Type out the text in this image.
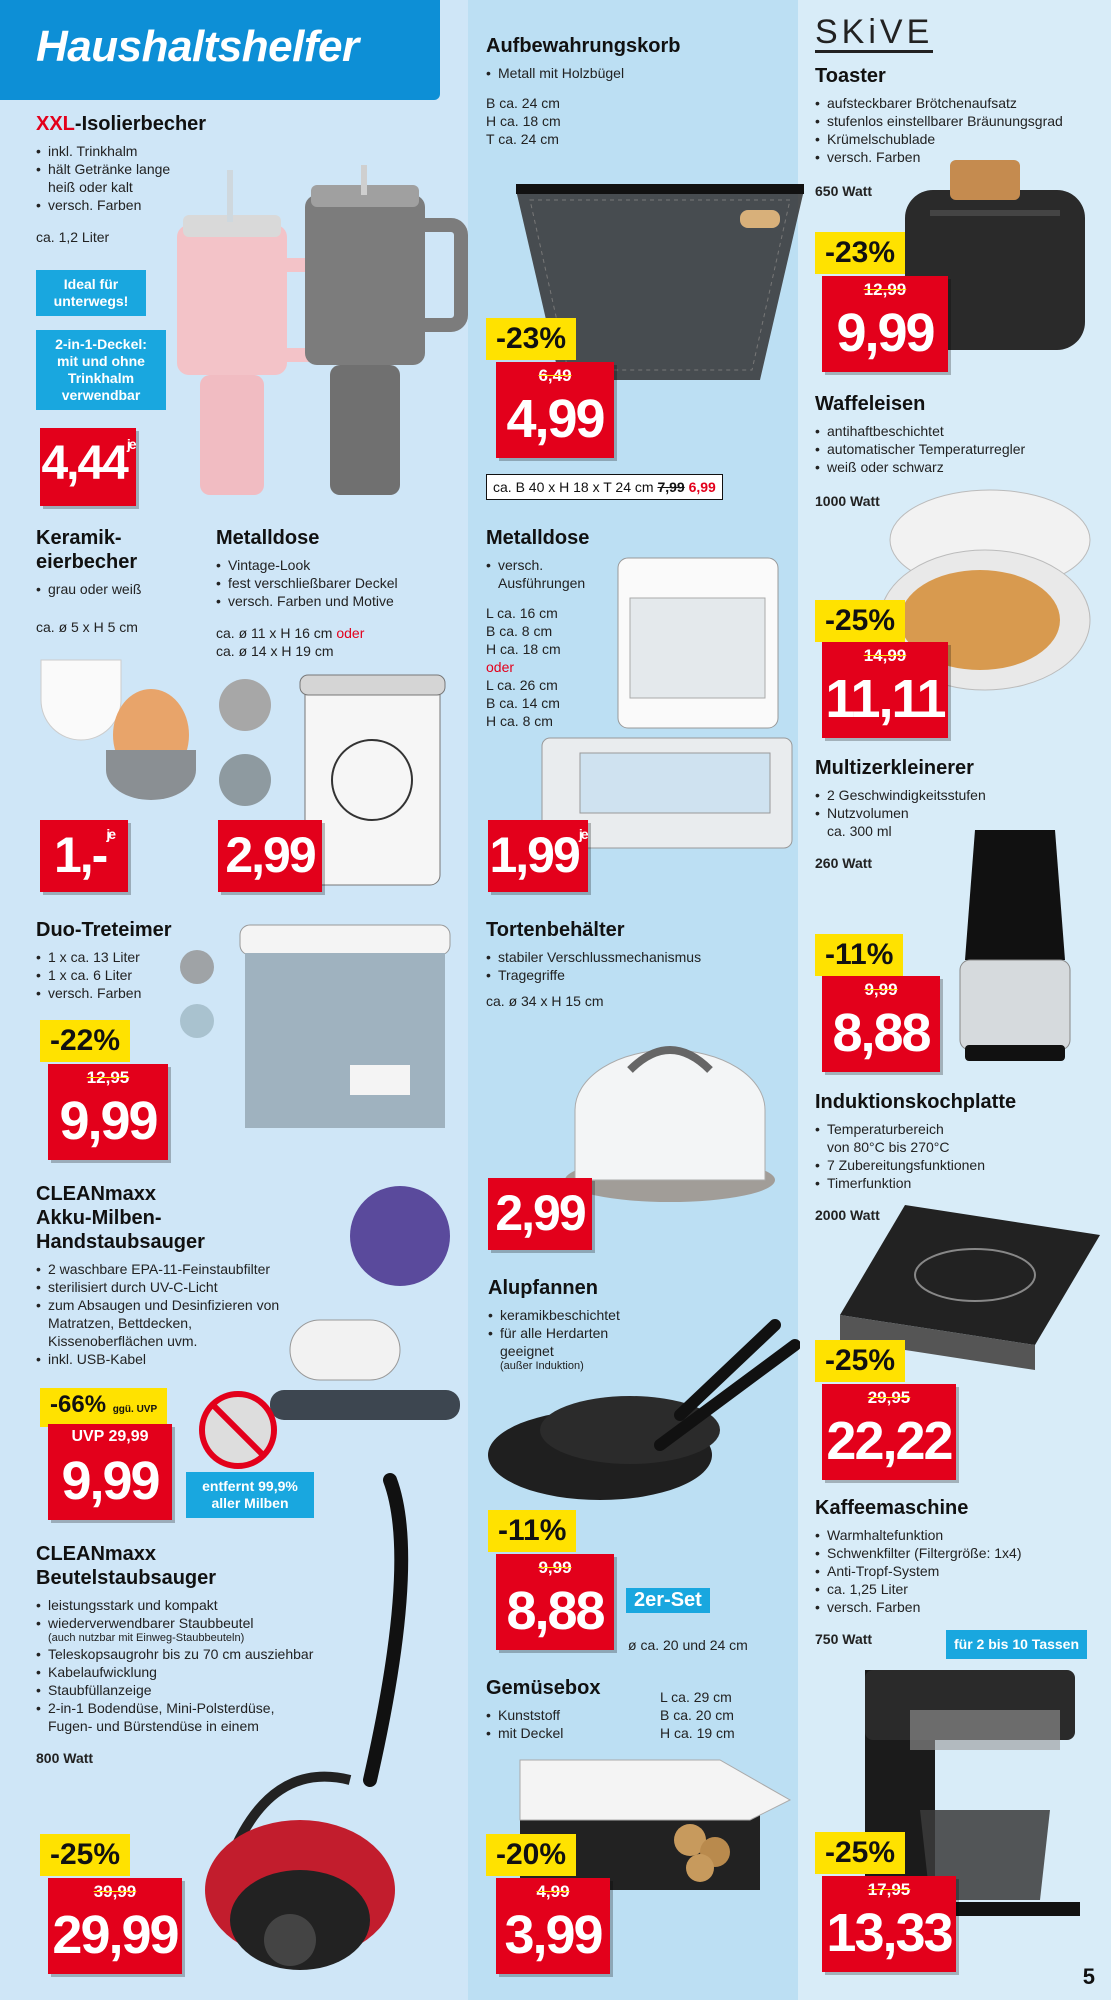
Haushaltshelfer	SKiVE
XXL-Isolierbecher
• inkl. Trinkhalm
• hält Getränke lange
heiß oder kalt
• versch. Farben
ca. 1,2 Liter
Ideal für
unterwegs!
2-in-1-Deckel:
mit und ohne
Trinkhalm
verwendbar
$4,44^{je}$
Aufbewahrungskorb
• Metall mit Holzbügel
B ca. 24 cm
H ca. 18 cm
T ca. 24 cm
-23%
6,49
4,99
ca. B 40 x H 18 x T 24 cm 7,99 6,99
Toaster
• aufsteckbarer Brötchenaufsatz
• stufenlos einstellbarer Bräunungsgrad
• Krümelschublade
• versch. Farben
650 Watt
-23%
12,99
9,99
Waffeleisen
• antihaftbeschichtet
• automatischer Temperaturregler
• weiß oder schwarz
1000 Watt
-25%
14,99
11,11
Keramik-
eierbecher
• grau oder weiß
ca. ø 5 x H 5 cm
1,-$^{je}$
Metalldose
• Vintage-Look
• fest verschließbarer Deckel
• versch. Farben und Motive
ca. ø 11 x H 16 cm oder
ca. ø 14 x H 19 cm
2,99
Metalldose
• versch.
Ausführungen
L ca. 16 cm
B ca. 8 cm
H ca. 18 cm
oder
L ca. 26 cm
B ca. 14 cm
H ca. 8 cm
$1,99^{je}$
Multizerkleinerer
• 2 Geschwindigkeitsstufen
• Nutzvolumen
ca. 300 ml
260 Watt
-11%
9,99
8,88
Duo-Treteimer
• 1 x ca. 13 Liter
• 1 x ca. 6 Liter
• versch. Farben
-22%
12,95
9,99
Tortenbehälter
• stabiler Verschlussmechanismus
• Tragegriffe
ca. ø 34 x H 15 cm
2,99
Induktionskochplatte
• Temperaturbereich
von 80°C bis 270°C
• 7 Zubereitungsfunktionen
• Timerfunktion
2000 Watt
-25%
29,95
22,22
CLEANmaxx
Akku-Milben-
Handstaubsauger
• 2 waschbare EPA-11-Feinstaubfilter
• sterilisiert durch UV-C-Licht
• zum Absaugen und Desinfizieren von
Matratzen, Bettdecken,
Kissenoberflächen uvm.
• inkl. USB-Kabel
-66% ggü. UVP
UVP 29,99
9,99	entfernt 99,9%
aller Milben
Alupfannen
• keramikbeschichtet
• für alle Herdarten
geeignet
(außer Induktion)
-11%
9,99
8,88	2er-Set
ø ca. 20 und 24 cm
Kaffeemaschine
• Warmhaltefunktion
• Schwenkfilter (Filtergröße: 1x4)
• Anti-Tropf-System
• ca. 1,25 Liter
• versch. Farben
750 Watt	für 2 bis 10 Tassen
-25%
17,95
13,33
CLEANmaxx
Beutelstaubsauger
• leistungsstark und kompakt
• wiederverwendbarer Staubbeutel
(auch nutzbar mit Einweg-Staubbeuteln)
• Teleskopsaugrohr bis zu 70 cm ausziehbar
• Kabelaufwicklung
• Staubfüllanzeige
• 2-in-1 Bodendüse, Mini-Polsterdüse,
Fugen- und Bürstendüse in einem
800 Watt
-25%
39,99
29,99
Gemüsebox
• Kunststoff
• mit Deckel
L ca. 29 cm
B ca. 20 cm
H ca. 19 cm
-20%
4,99
3,99
5
